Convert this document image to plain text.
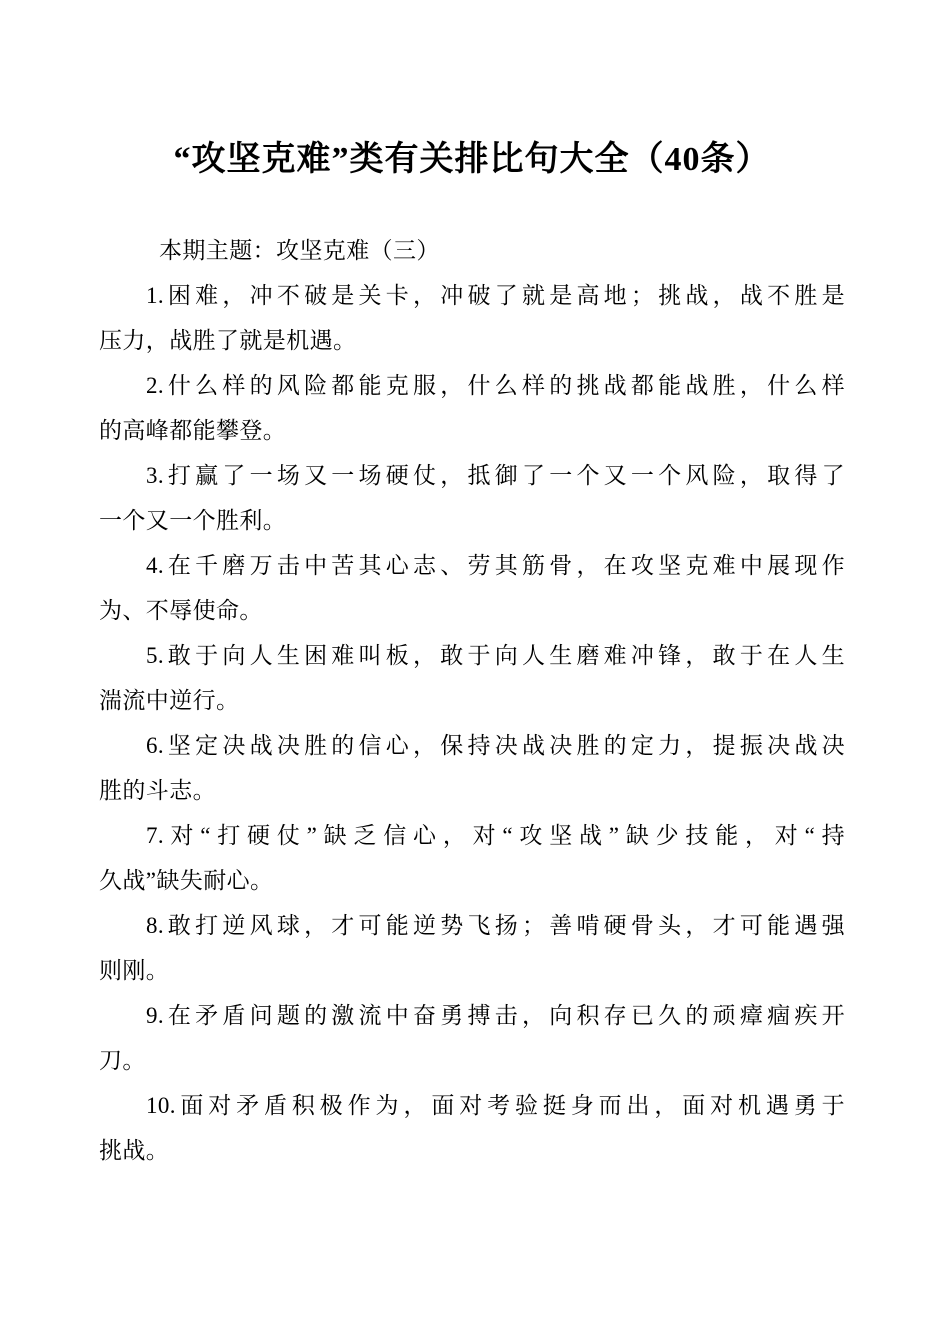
“攻坚克难”类有关排比句大全（40条）

本期主题：攻坚克难（三）

1.困难，冲不破是关卡，冲破了就是高地；挑战，战不胜是
压力，战胜了就是机遇。
2.什么样的风险都能克服，什么样的挑战都能战胜，什么样
的高峰都能攀登。
3.打赢了一场又一场硬仗，抵御了一个又一个风险，取得了
一个又一个胜利。
4.在千磨万击中苦其心志、劳其筋骨，在攻坚克难中展现作
为、不辱使命。
5.敢于向人生困难叫板，敢于向人生磨难冲锋，敢于在人生
湍流中逆行。
6.坚定决战决胜的信心，保持决战决胜的定力，提振决战决
胜的斗志。
7.对“打硬仗”缺乏信心，对“攻坚战”缺少技能，对“持
久战”缺失耐心。
8.敢打逆风球，才可能逆势飞扬；善啃硬骨头，才可能遇强
则刚。
9.在矛盾问题的激流中奋勇搏击，向积存已久的顽瘴痼疾开
刀。
10.面对矛盾积极作为，面对考验挺身而出，面对机遇勇于
挑战。
